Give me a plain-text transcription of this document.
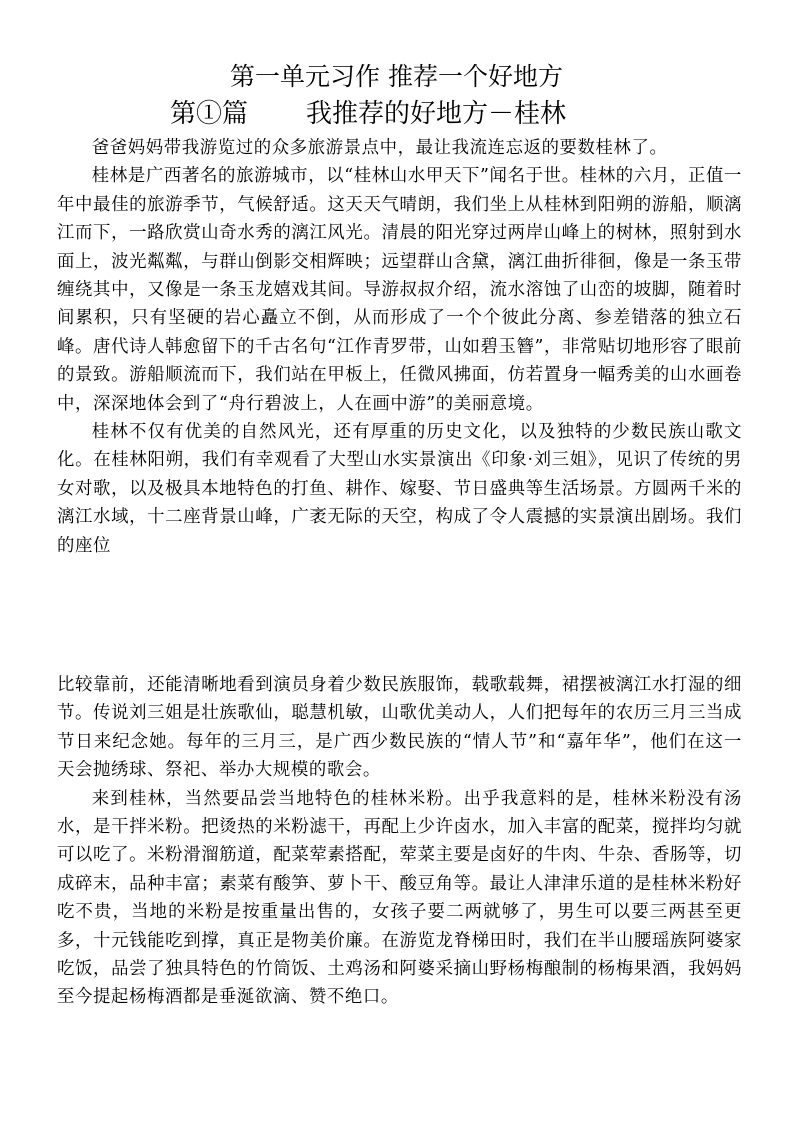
第一单元习作 推荐一个好地方
第①篇 我推荐的好地方－桂林

爸爸妈妈带我游览过的众多旅游景点中，最让我流连忘返的要数桂林了。

桂林是广西著名的旅游城市，以“桂林山水甲天下”闻名于世。桂林的六月，正值一年中最佳的旅游季节，气候舒适。这天天气晴朗，我们坐上从桂林到阳朔的游船，顺漓江而下，一路欣赏山奇水秀的漓江风光。清晨的阳光穿过两岸山峰上的树林，照射到水面上，波光粼粼，与群山倒影交相辉映；远望群山含黛，漓江曲折徘徊，像是一条玉带缠绕其中，又像是一条玉龙嬉戏其间。导游叔叔介绍，流水溶蚀了山峦的坡脚，随着时间累积，只有坚硬的岩心矗立不倒，从而形成了一个个彼此分离、参差错落的独立石峰。唐代诗人韩愈留下的千古名句“江作青罗带，山如碧玉簪”，非常贴切地形容了眼前的景致。游船顺流而下，我们站在甲板上，任微风拂面，仿若置身一幅秀美的山水画卷中，深深地体会到了“舟行碧波上，人在画中游”的美丽意境。

桂林不仅有优美的自然风光，还有厚重的历史文化，以及独特的少数民族山歌文化。在桂林阳朔，我们有幸观看了大型山水实景演出《印象·刘三姐》，见识了传统的男女对歌，以及极具本地特色的打鱼、耕作、嫁娶、节日盛典等生活场景。方圆两千米的漓江水域，十二座背景山峰，广袤无际的天空，构成了令人震撼的实景演出剧场。我们的座位

比较靠前，还能清晰地看到演员身着少数民族服饰，载歌载舞，裙摆被漓江水打湿的细节。传说刘三姐是壮族歌仙，聪慧机敏，山歌优美动人，人们把每年的农历三月三当成节日来纪念她。每年的三月三，是广西少数民族的“情人节”和“嘉年华”，他们在这一天会抛绣球、祭祀、举办大规模的歌会。

来到桂林，当然要品尝当地特色的桂林米粉。出乎我意料的是，桂林米粉没有汤水，是干拌米粉。把烫热的米粉滤干，再配上少许卤水，加入丰富的配菜，搅拌均匀就可以吃了。米粉滑溜筋道，配菜荤素搭配，荤菜主要是卤好的牛肉、牛杂、香肠等，切成碎末，品种丰富；素菜有酸笋、萝卜干、酸豆角等。最让人津津乐道的是桂林米粉好吃不贵，当地的米粉是按重量出售的，女孩子要二两就够了，男生可以要三两甚至更多，十元钱能吃到撑，真正是物美价廉。在游览龙脊梯田时，我们在半山腰瑶族阿婆家吃饭，品尝了独具特色的竹筒饭、土鸡汤和阿婆采摘山野杨梅酿制的杨梅果酒，我妈妈至今提起杨梅酒都是垂涎欲滴、赞不绝口。
